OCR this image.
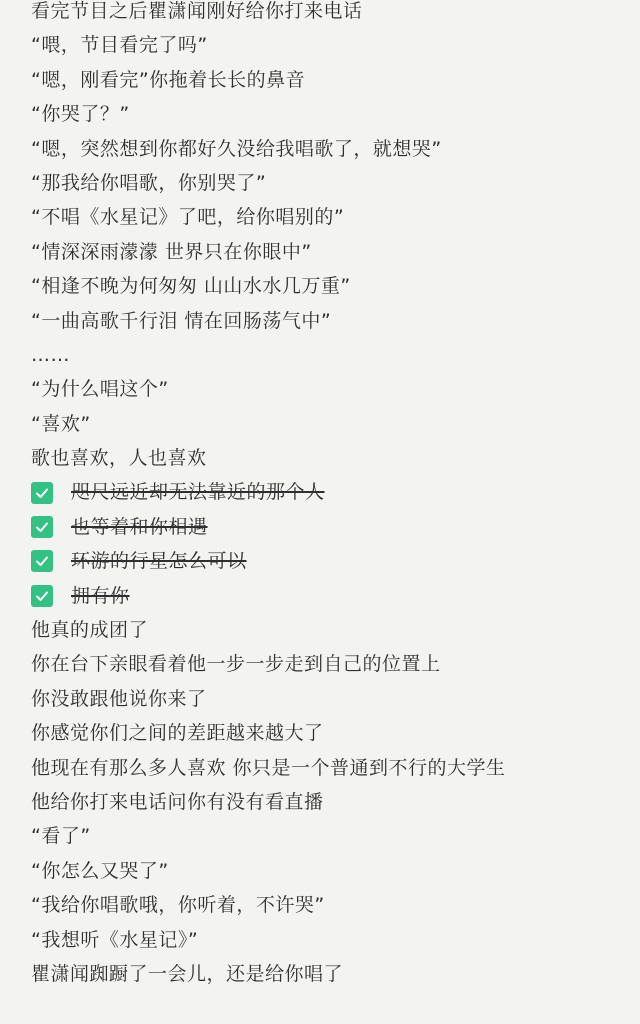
看完节目之后瞿潇闻刚好给你打来电话
“喂，节目看完了吗”
“嗯，刚看完”你拖着长长的鼻音
“你哭了？”
“嗯，突然想到你都好久没给我唱歌了，就想哭”
“那我给你唱歌，你别哭了”
“不唱《水星记》了吧，给你唱别的”
“情深深雨濛濛 世界只在你眼中”
“相逢不晚为何匆匆 山山水水几万重”
“一曲高歌千行泪 情在回肠荡气中”
……
“为什么唱这个”
“喜欢”
歌也喜欢，人也喜欢
咫尺远近却无法靠近的那个人
也等着和你相遇
环游的行星怎么可以
拥有你
他真的成团了
你在台下亲眼看着他一步一步走到自己的位置上
你没敢跟他说你来了
你感觉你们之间的差距越来越大了
他现在有那么多人喜欢 你只是一个普通到不行的大学生
他给你打来电话问你有没有看直播
“看了”
“你怎么又哭了”
“我给你唱歌哦，你听着，不许哭”
“我想听《水星记》”
瞿潇闻踟蹰了一会儿，还是给你唱了
